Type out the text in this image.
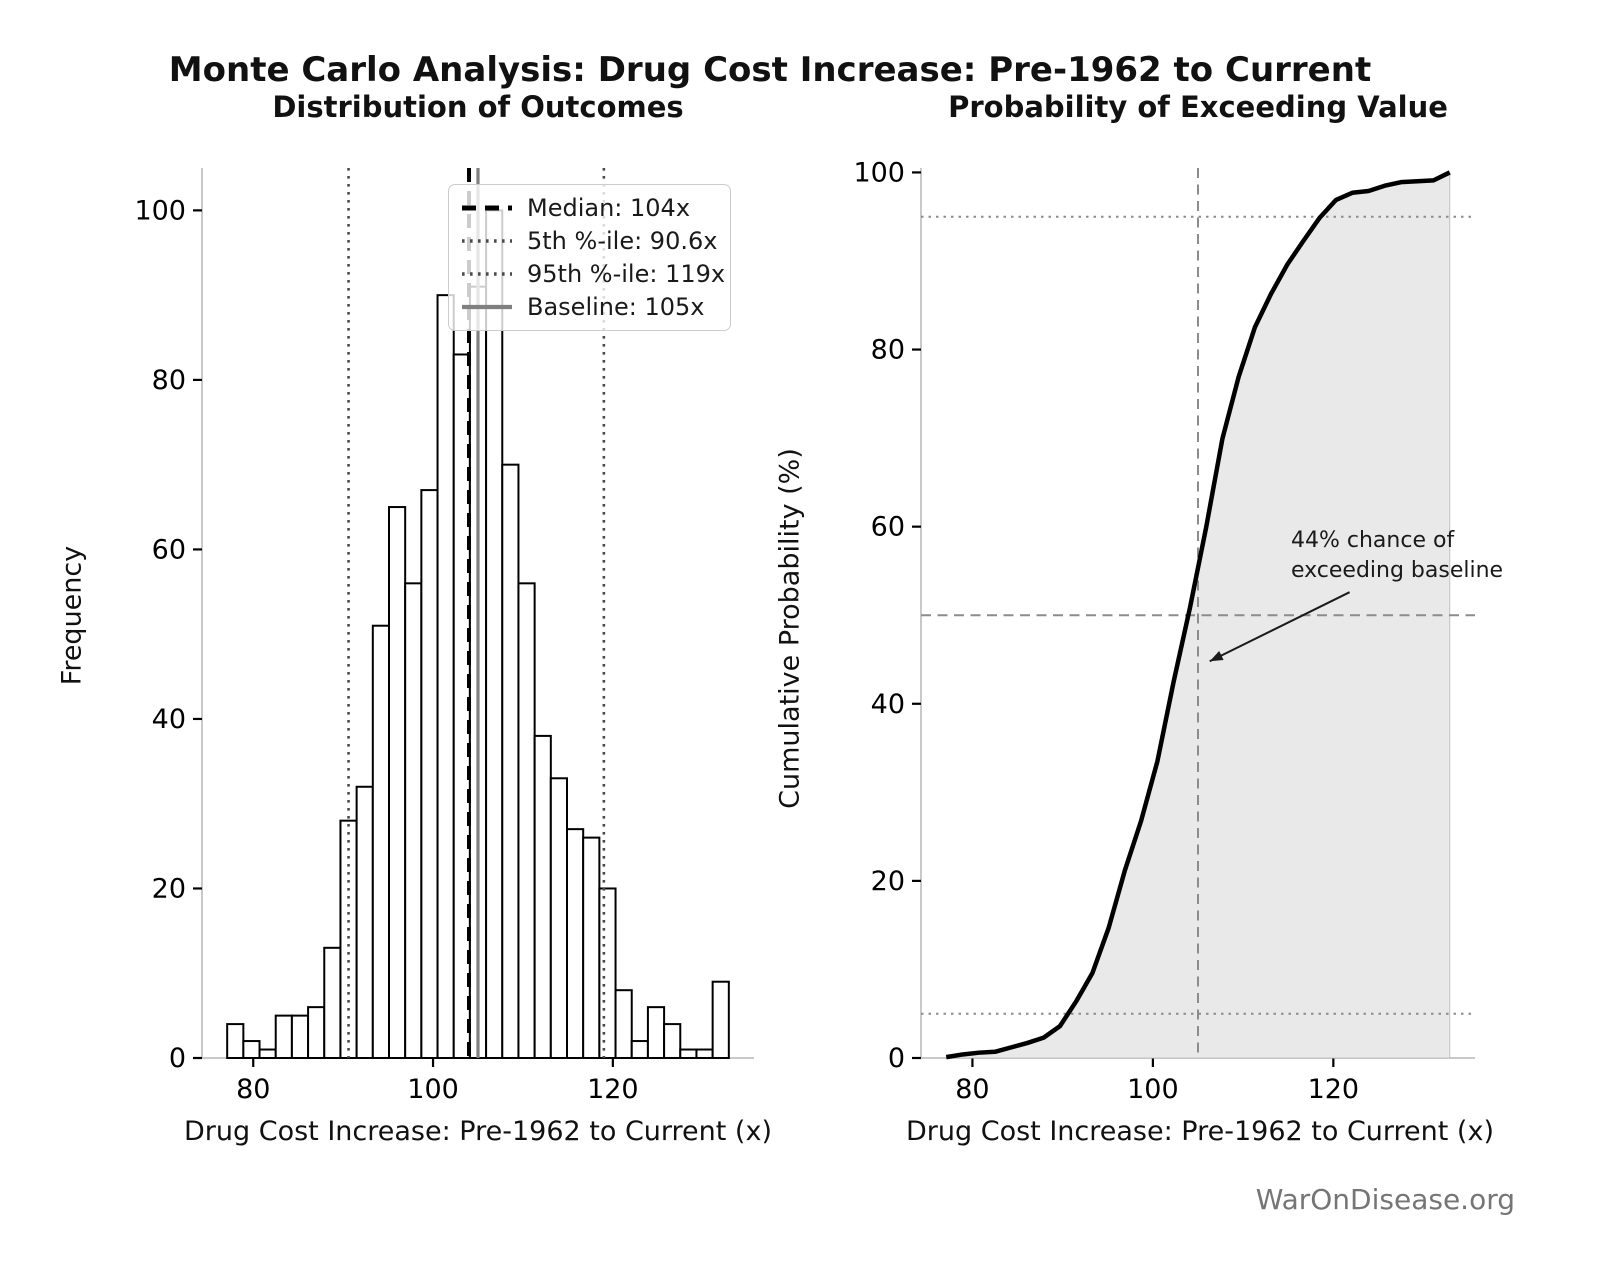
80	100	120
0
20
40
60
80
100
80	100	120
0
20
40
60
80
100
Monte Carlo Analysis: Drug Cost Increase: Pre-1962 to Current
Distribution of Outcomes	Probability of Exceeding Value
Frequency	Cumulative Probability (%)
Drug Cost Increase: Pre-1962 to Current (x)	Drug Cost Increase: Pre-1962 to Current (x)
Median: 104x
5th %-ile: 90.6x
95th %-ile: 119x
Baseline: 105x
44% chance of
exceeding baseline
WarOnDisease.org
